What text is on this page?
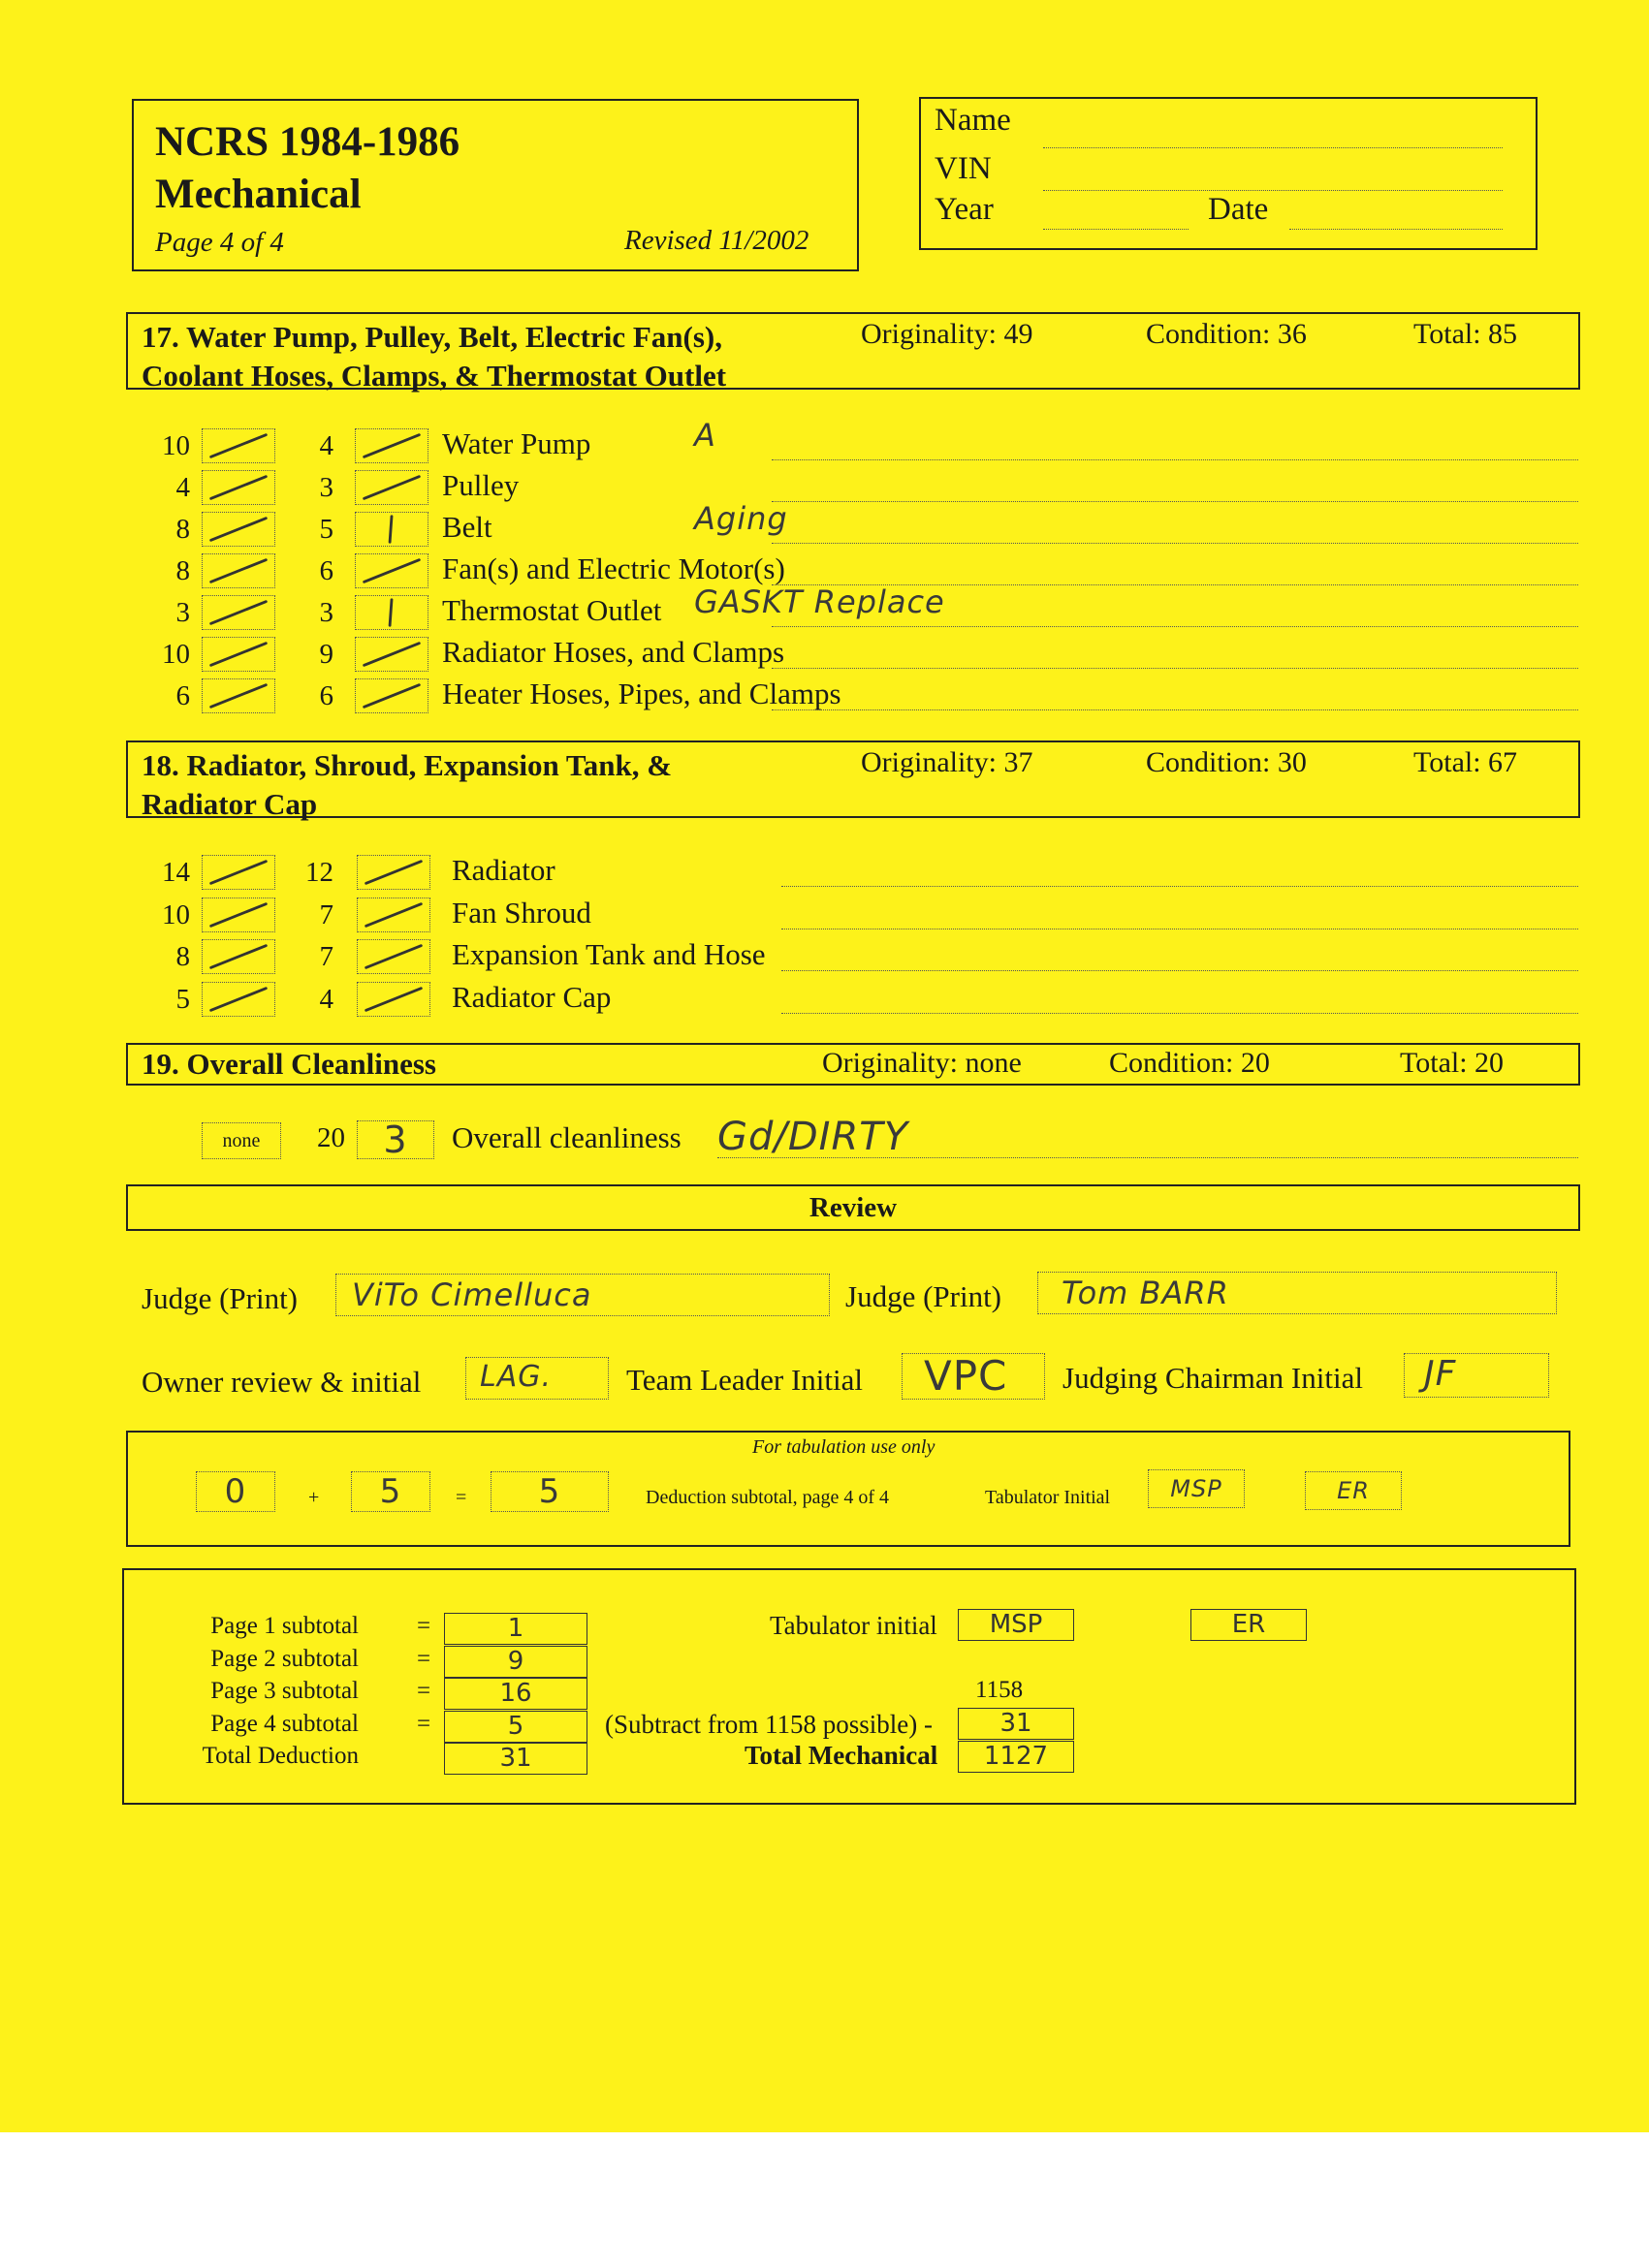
NCRS 1984-1986
Mechanical
Page 4 of 4	Revised 11/2002
Name
VIN
Year	Date
17. Water Pump, Pulley, Belt, Electric Fan(s),
Coolant Hoses, Clamps, & Thermostat Outlet
Originality: 49	Condition: 36	Total: 85
10	4	Water Pump	A
4	3	Pulley
8	5	Belt	Aging
8	6	Fan(s) and Electric Motor(s)
3	3	Thermostat Outlet GASKT Replace
10	9	Radiator Hoses, and Clamps
6	6	Heater Hoses, Pipes, and Clamps
18. Radiator, Shroud, Expansion Tank, &
Radiator Cap
Originality: 37	Condition: 30	Total: 67
14	12	Radiator
10	7	Fan Shroud
8	7	Expansion Tank and Hose
5	4	Radiator Cap
19. Overall Cleanliness	Originality: none	Condition: 20	Total: 20
none	20	3	Overall cleanliness Gd/DIRTY
Review
Judge (Print) ViTo Cimelluca	Judge (Print) Tom BARR
Owner review & initial LAG. Team Leader Initial VPC Judging Chairman Initial JF
For tabulation use only
0	+	5	=	5	Deduction subtotal, page 4 of 4	Tabulator Initial	MSP	ER
Page 1 subtotal =	1
Page 2 subtotal =	9
Page 3 subtotal =	16
Page 4 subtotal =	5
Total Deduction	31
Tabulator initial	MSP	ER
1158
(Subtract from 1158 possible) -	31
Total Mechanical	1127
